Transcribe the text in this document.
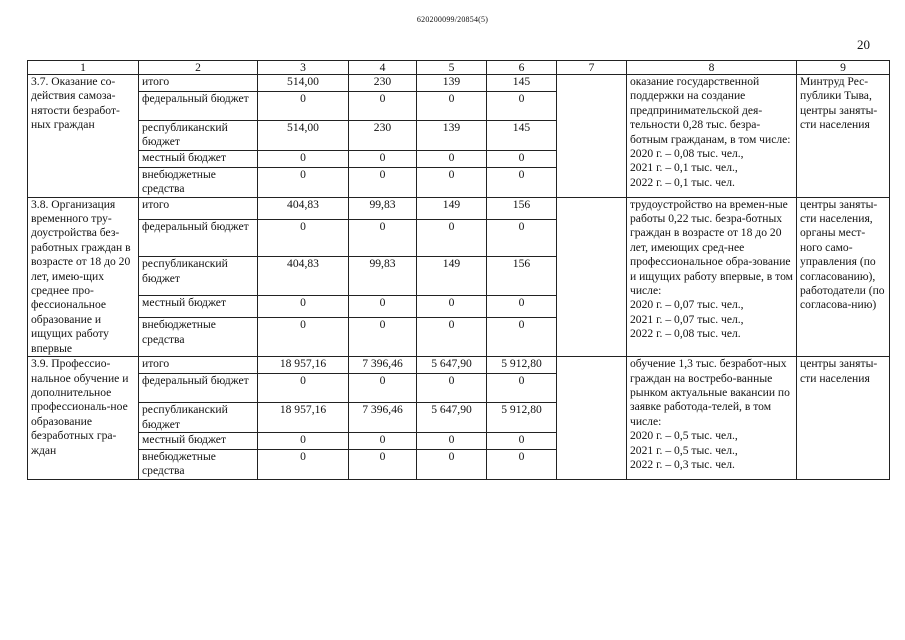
620200099/20854(5)
20
1	2	3	4	5	6	7	8	9
3.7. Оказание со-действия самоза-нятости безработ-ных граждан	итого	514,00	230	139	145		оказание государственной поддержки на создание предпринимательской дея-тельности 0,28 тыс. безра-ботным гражданам, в том числе:
2020 г. – 0,08 тыс. чел.,
2021 г. – 0,1 тыс. чел.,
2022 г. – 0,1 тыс. чел.	Минтруд Рес-публики Тыва, центры заняты-сти населения
	федеральный бюджет	0	0	0	0			
	республиканский бюджет	514,00	230	139	145			
	местный бюджет	0	0	0	0			
	внебюджетные средства	0	0	0	0			
3.8. Организация временного тру-доустройства без-работных граждан в возрасте от 18 до 20 лет, имею-щих среднее про-фессиональное образование и ищущих работу впервые	итого	404,83	99,83	149	156		трудоустройство на времен-ные работы 0,22 тыс. безра-ботных граждан в возрасте от 18 до 20 лет, имеющих сред-нее профессиональное обра-зование и ищущих работу впервые, в том числе:
2020 г. – 0,07 тыс. чел.,
2021 г. – 0,07 тыс. чел.,
2022 г. – 0,08 тыс. чел.	центры заняты-сти населения, органы мест-ного само-управления (по согласованию), работодатели (по согласова-нию)
	федеральный бюджет	0	0	0	0			
	республиканский бюджет	404,83	99,83	149	156			
	местный бюджет	0	0	0	0			
	внебюджетные средства	0	0	0	0			
3.9. Профессио-нальное обучение и дополнительное профессиональ-ное образование безработных гра-ждан	итого	18 957,16	7 396,46	5 647,90	5 912,80		обучение 1,3 тыс. безработ-ных граждан на востребо-ванные рынком актуальные вакансии по заявке работода-телей, в том числе:
2020 г. – 0,5 тыс. чел.,
2021 г. – 0,5 тыс. чел.,
2022 г. – 0,3 тыс. чел.	центры заняты-сти населения
	федеральный бюджет	0	0	0	0			
	республиканский бюджет	18 957,16	7 396,46	5 647,90	5 912,80			
	местный бюджет	0	0	0	0			
	внебюджетные средства	0	0	0	0			
